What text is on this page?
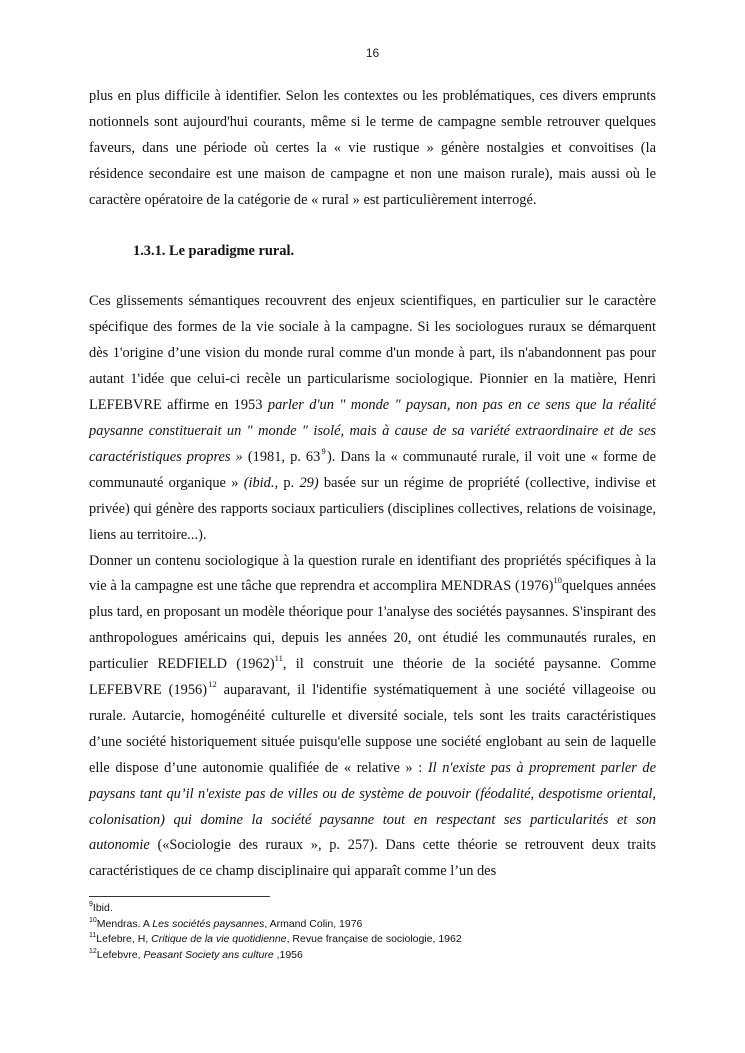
16

plus en plus difficile à identifier. Selon les contextes ou les problématiques, ces divers emprunts notionnels sont aujourd'hui courants, même si le terme de campagne semble retrouver quelques faveurs, dans une période où certes la « vie rustique » génère nostalgies et convoitises (la résidence secondaire est une maison de campagne et non une maison rurale), mais aussi où le caractère opératoire de la catégorie de « rural » est particulièrement interrogé.

1.3.1. Le paradigme rural.

Ces glissements sémantiques recouvrent des enjeux scientifiques, en particulier sur le caractère spécifique des formes de la vie sociale à la campagne. Si les sociologues ruraux se démarquent dès 1'origine d’une vision du monde rural comme d'un monde à part, ils n'abandonnent pas pour autant 1'idée que celui-ci recèle un particularisme sociologique. Pionnier en la matière, Henri LEFEBVRE affirme en 1953 parler d'un " monde " paysan, non pas en ce sens que la réalité paysanne constituerait un " monde " isolé, mais à cause de sa variété extraordinaire et de ses caractéristiques propres » (1981, p. 63 $^9$ ). Dans la « communauté rurale, il voit une « forme de communauté organique » (ibid., p. 29) basée sur un régime de propriété (collective, indivise et privée) qui génère des rapports sociaux particuliers (disciplines collectives, relations de voisinage, liens au territoire...).

Donner un contenu sociologique à la question rurale en identifiant des propriétés spécifiques à la vie à la campagne est une tâche que reprendra et accomplira MENDRAS $(1976)^{10}quelques$ années plus tard, en proposant un modèle théorique pour 1'analyse des sociétés paysannes. S'inspirant des anthropologues américains qui, depuis les années 20, ont étudié les communautés rurales, en particulier REDFIELD $(1962)^{11}$, il construit une théorie de la société paysanne. Comme LEFEBVRE (1956) $^{12}$ auparavant, il l'identifie systématiquement à une société villageoise ou rurale. Autarcie, homogénéité culturelle et diversité sociale, tels sont les traits caractéristiques d’une société historiquement située puisqu'elle suppose une société englobant au sein de laquelle elle dispose d’une autonomie qualifiée de « relative » : Il n'existe pas à proprement parler de paysans tant qu’il n'existe pas de villes ou de système de pouvoir (féodalité, despotisme oriental, colonisation) qui domine la société paysanne tout en respectant ses particularités et son autonomie («Sociologie des ruraux », p. 257). Dans cette théorie se retrouvent deux traits caractéristiques de ce champ disciplinaire qui apparaît comme l’un des

$^9$Ibid.
$^{10}$Mendras. A Les sociétés paysannes, Armand Colin, 1976
$^{11}$Lefebre, H, Critique de la vie quotidienne, Revue française de sociologie, 1962
$^{12}$Lefebvre, Peasant Society ans culture ,1956
